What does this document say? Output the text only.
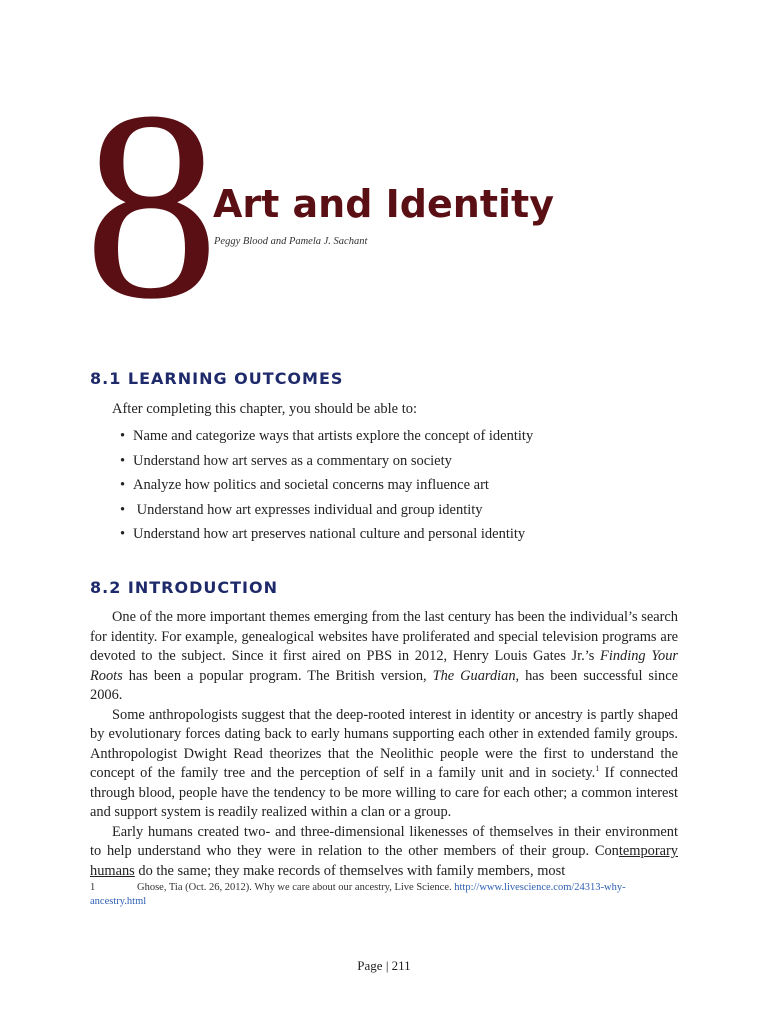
8
Art and Identity
Peggy Blood and Pamela J. Sachant
8.1 LEARNING OUTCOMES
After completing this chapter, you should be able to:
• Name and categorize ways that artists explore the concept of identity
• Understand how art serves as a commentary on society
• Analyze how politics and societal concerns may influence art
• Understand how art expresses individual and group identity
• Understand how art preserves national culture and personal identity
8.2 INTRODUCTION

One of the more important themes emerging from the last century has been the individual’s search for identity. For example, genealogical websites have proliferated and special television programs are devoted to the subject. Since it first aired on PBS in 2012, Henry Louis Gates Jr.’s Finding Your Roots has been a popular program. The British version, The Guardian, has been successful since 2006.

Some anthropologists suggest that the deep-rooted interest in identity or ancestry is partly shaped by evolutionary forces dating back to early humans supporting each other in extended family groups. Anthropologist Dwight Read theorizes that the Neolithic people were the first to understand the concept of the family tree and the perception of self in a family unit and in society.$^1$ If connected through blood, people have the tendency to be more willing to care for each other; a common interest and support system is readily realized within a clan or a group.

Early humans created two- and three-dimensional likenesses of themselves in their environment to help understand who they were in relation to the other members of their group. Contemporary humans do the same; they make records of themselves with family members, most

1	Ghose, Tia (Oct. 26, 2012). Why we care about our ancestry, Live Science. http://www.livescience.com/24313-why-ancestry.html
Page | 211
